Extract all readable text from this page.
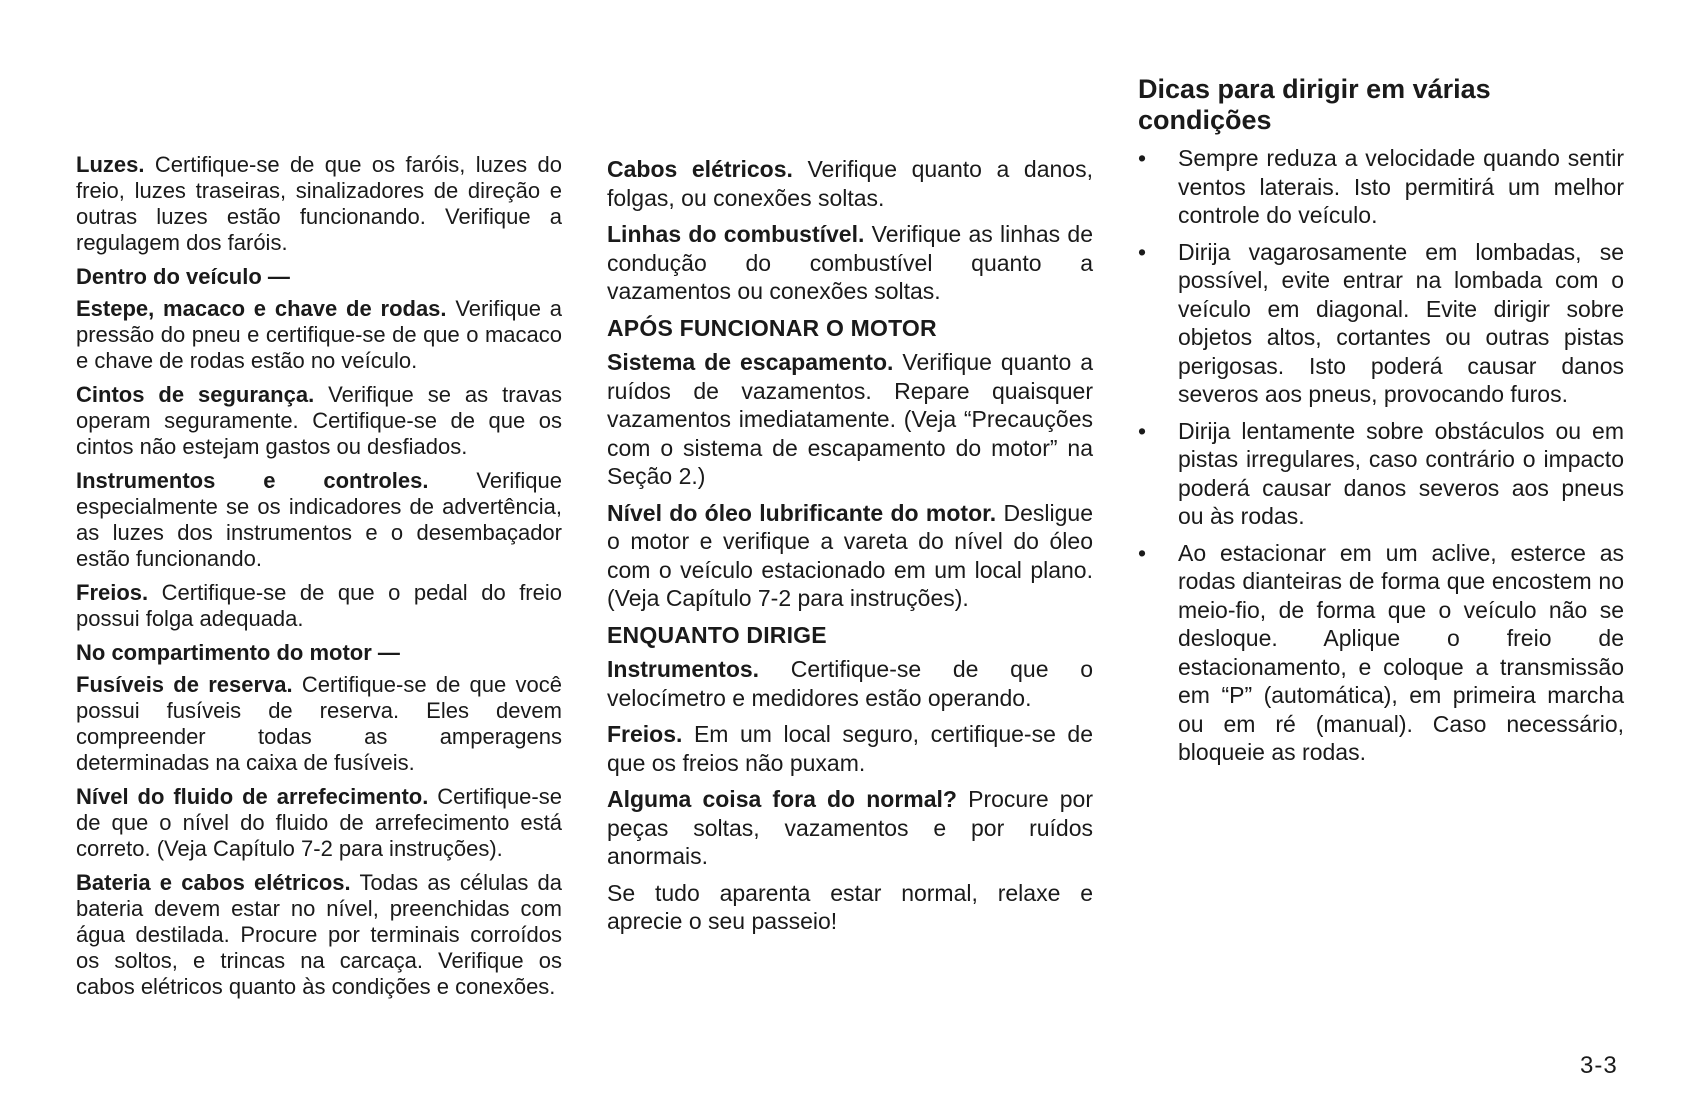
Luzes. Certifique-se de que os faróis, luzes do freio, luzes traseiras, sinalizadores de direção e outras luzes estão funcionando. Verifique a regulagem dos faróis.

Dentro do veículo —

Estepe, macaco e chave de rodas. Verifique a pressão do pneu e certifique-se de que o macaco e chave de rodas estão no veículo.

Cintos de segurança. Verifique se as travas operam seguramente. Certifique-se de que os cintos não estejam gastos ou desfiados.

Instrumentos e controles. Verifique especialmente se os indicadores de advertência, as luzes dos instrumentos e o desembaçador estão funcionando.

Freios. Certifique-se de que o pedal do freio possui folga adequada.

No compartimento do motor —

Fusíveis de reserva. Certifique-se de que você possui fusíveis de reserva. Eles devem compreender todas as amperagens determinadas na caixa de fusíveis.

Nível do fluido de arrefecimento. Certifique-se de que o nível do fluido de arrefecimento está correto. (Veja Capítulo 7-2 para instruções).

Bateria e cabos elétricos. Todas as células da bateria devem estar no nível, preenchidas com água destilada. Procure por terminais corroídos os soltos, e trincas na carcaça. Verifique os cabos elétricos quanto às condições e conexões.

Cabos elétricos. Verifique quanto a danos, folgas, ou conexões soltas.

Linhas do combustível. Verifique as linhas de condução do combustível quanto a vazamentos ou conexões soltas.

APÓS FUNCIONAR O MOTOR

Sistema de escapamento. Verifique quanto a ruídos de vazamentos. Repare quaisquer vazamentos imediatamente. (Veja “Precauções com o sistema de escapamento do motor” na Seção 2.)

Nível do óleo lubrificante do motor. Desligue o motor e verifique a vareta do nível do óleo com o veículo estacionado em um local plano. (Veja Capítulo 7-2 para instruções).

ENQUANTO DIRIGE

Instrumentos. Certifique-se de que o velocímetro e medidores estão operando.

Freios. Em um local seguro, certifique-se de que os freios não puxam.

Alguma coisa fora do normal? Procure por peças soltas, vazamentos e por ruídos anormais.

Se tudo aparenta estar normal, relaxe e aprecie o seu passeio!

Dicas para dirigir em várias condições
• Sempre reduza a velocidade quando sentir ventos laterais. Isto permitirá um melhor controle do veículo.
• Dirija vagarosamente em lombadas, se possível, evite entrar na lombada com o veículo em diagonal. Evite dirigir sobre objetos altos, cortantes ou outras pistas perigosas. Isto poderá causar danos severos aos pneus, provocando furos.
• Dirija lentamente sobre obstáculos ou em pistas irregulares, caso contrário o impacto poderá causar danos severos aos pneus ou às rodas.
• Ao estacionar em um aclive, esterce as rodas dianteiras de forma que encostem no meio-fio, de forma que o veículo não se desloque. Aplique o freio de estacionamento, e coloque a transmissão em “P” (automática), em primeira marcha ou em ré (manual). Caso necessário, bloqueie as rodas.
3-3
